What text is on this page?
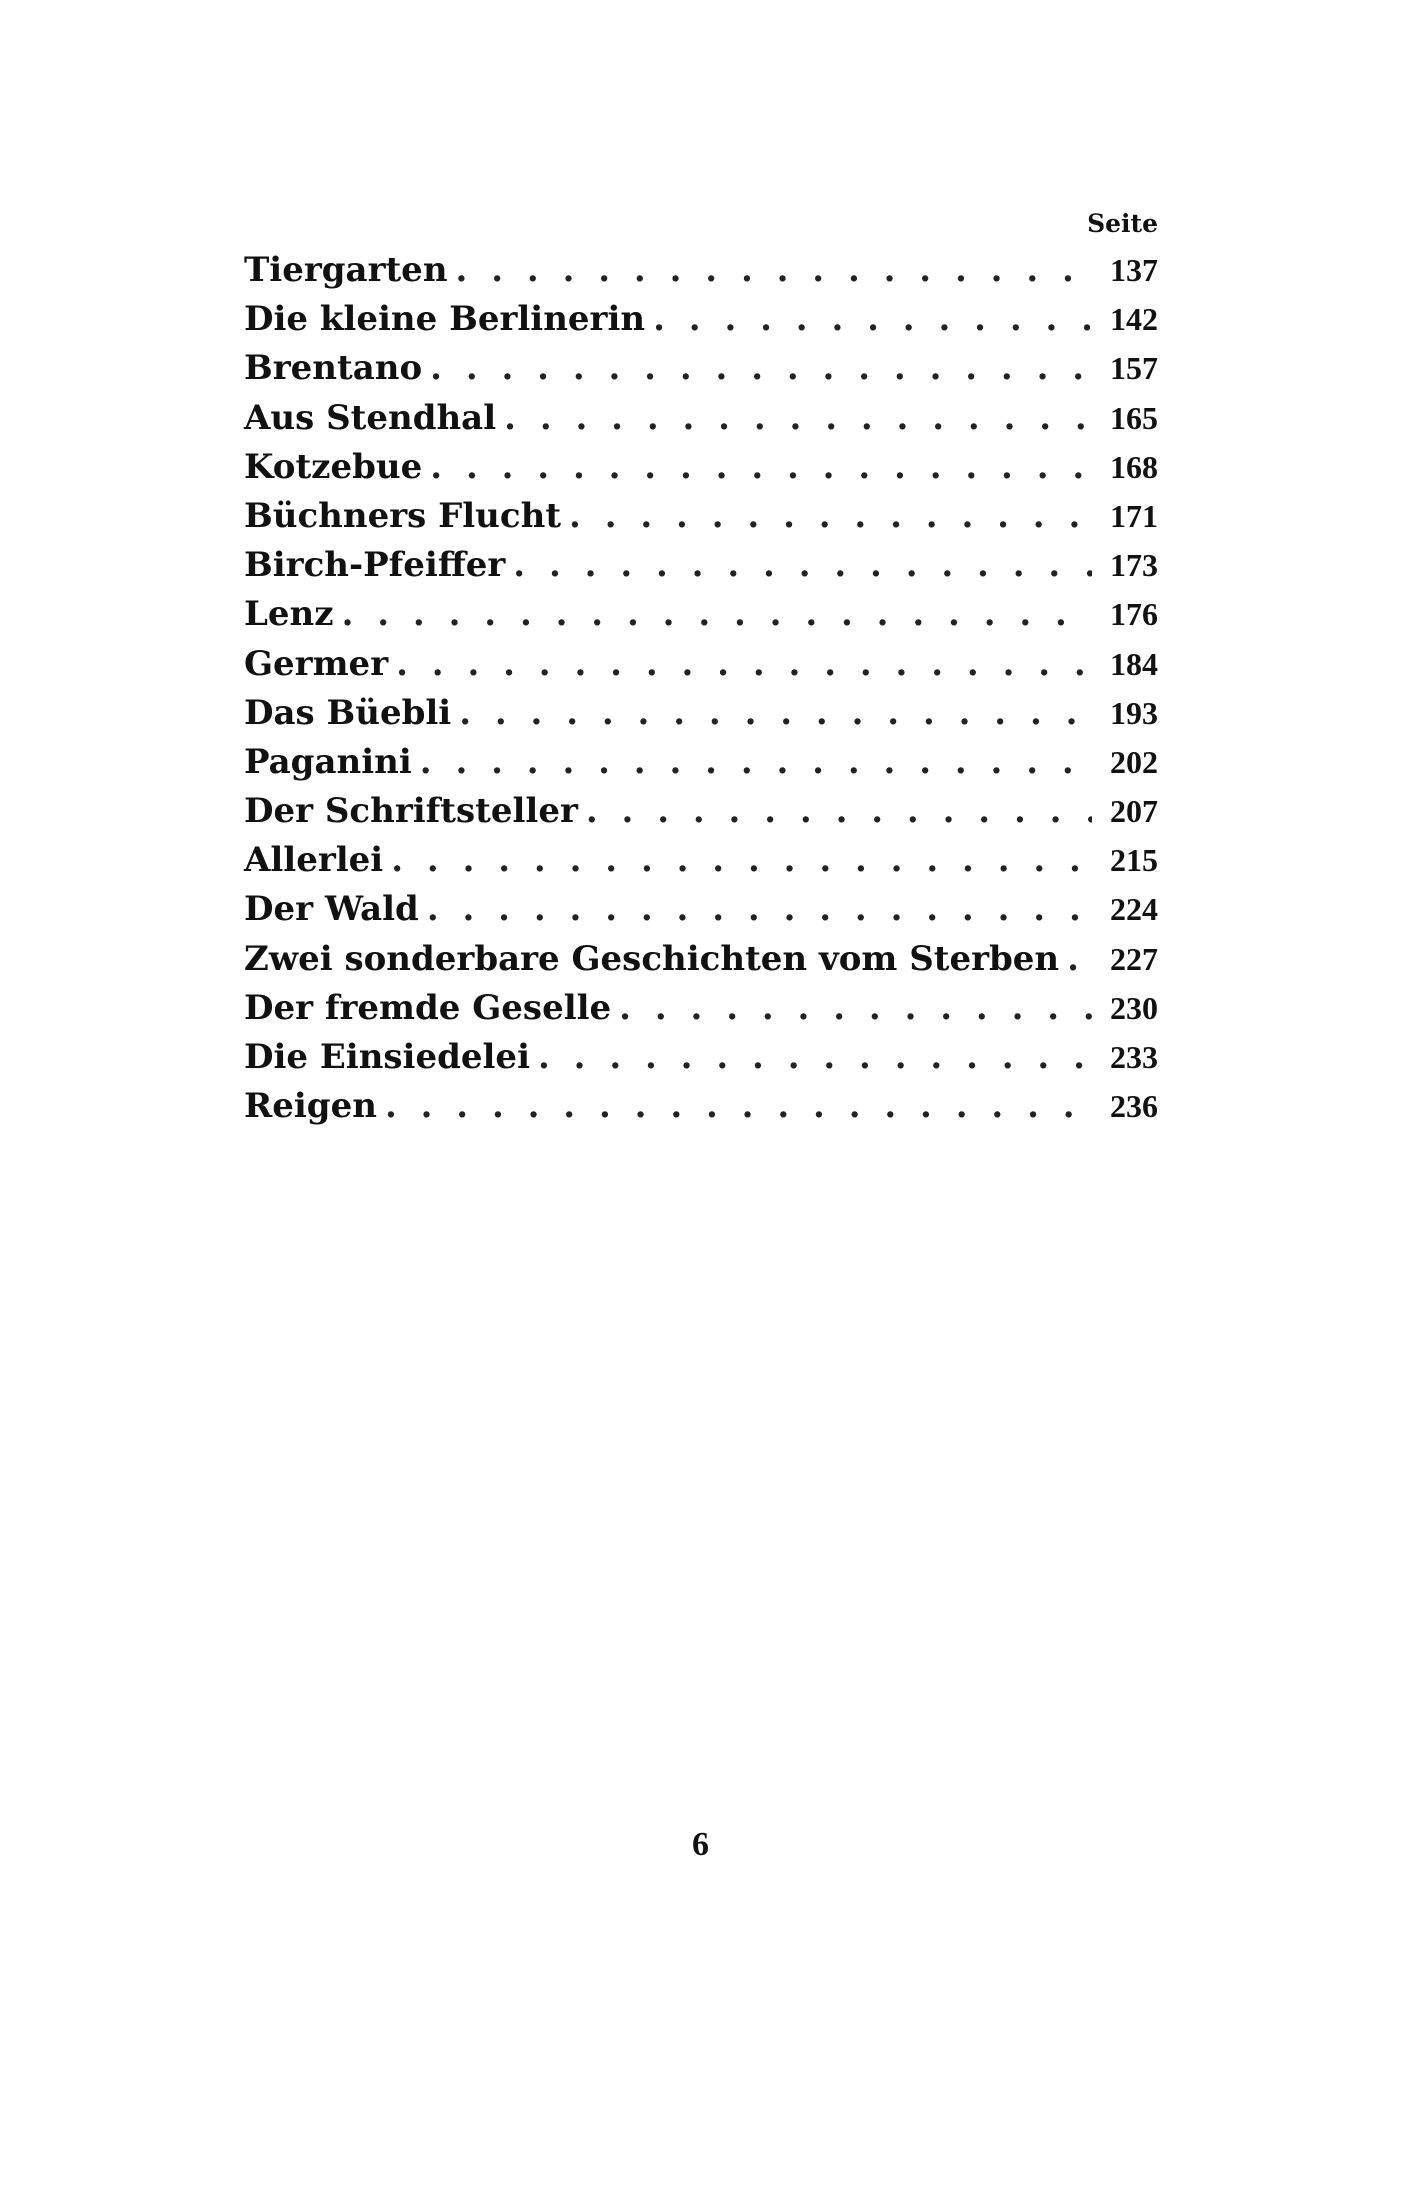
Seite
Tiergarten . . .	137
Die kleine Berlinerin . . .	142
Brentano . . .	157
Aus Stendhal . . .	165
Kotzebue . . .	168
Büchners Flucht . . .	171
Birch-Pfeiffer . . .	173
Lenz . . .	176
Germer . . .	184
Das Büebli . . .	193
Paganini . . .	202
Der Schriftsteller . . .	207
Allerlei . . .	215
Der Wald . . .	224
Zwei sonderbare Geschichten vom Sterben . . .	227
Der fremde Geselle . . .	230
Die Einsiedelei . . .	233
Reigen . . .	236
6
